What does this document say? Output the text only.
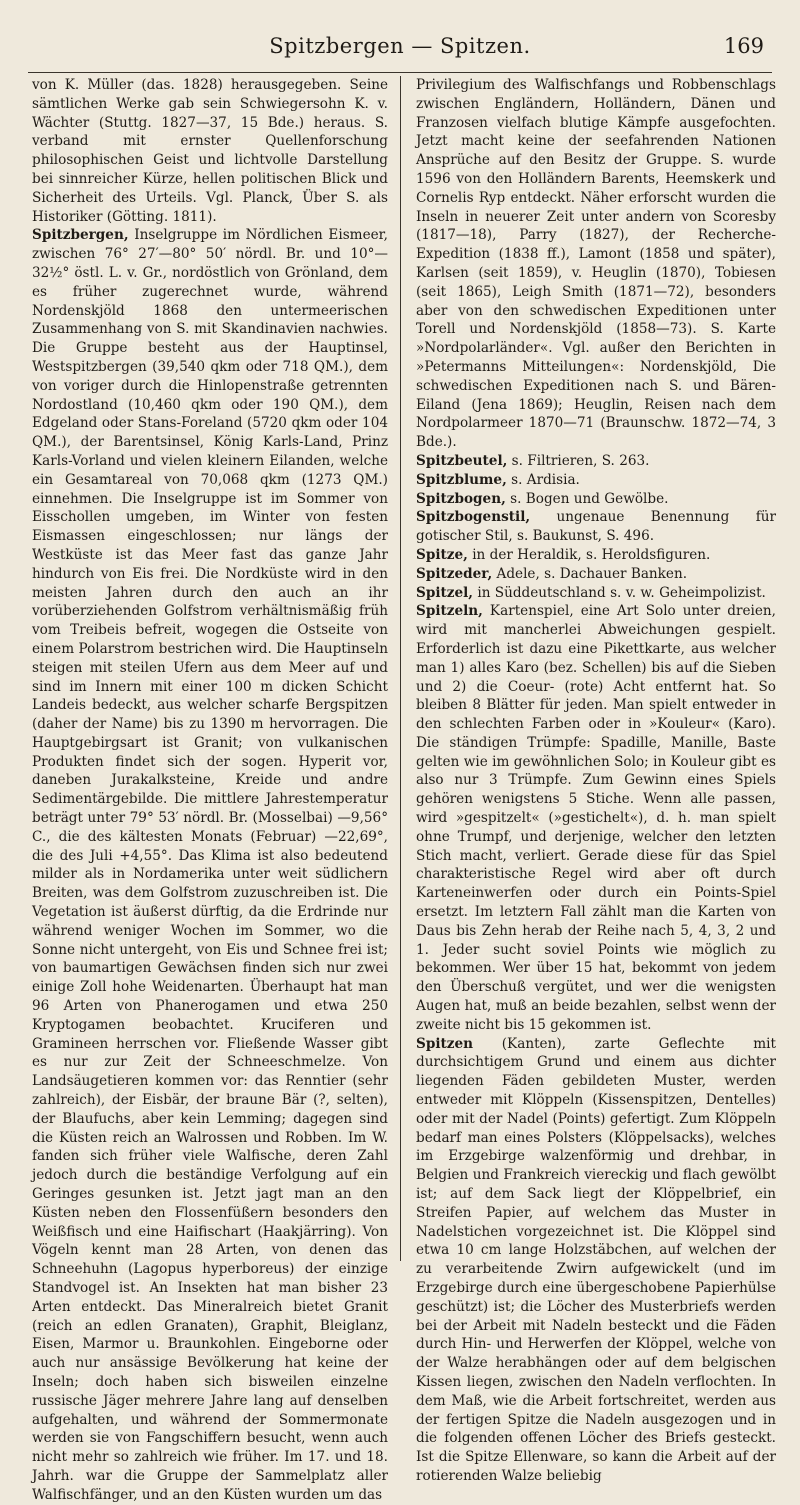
Spitzbergen — Spitzen.	169

von K. Müller (das. 1828) herausgegeben. Seine sämtlichen Werke gab sein Schwiegersohn K. v. Wächter (Stuttg. 1827—37, 15 Bde.) heraus. S. verband mit ernster Quellenforschung philosophischen Geist und lichtvolle Darstellung bei sinnreicher Kürze, hellen politischen Blick und Sicherheit des Urteils. Vgl. Planck, Über S. als Historiker (Götting. 1811).

Spitzbergen, Inselgruppe im Nördlichen Eismeer, zwischen 76° 27′—80° 50′ nördl. Br. und 10°—32½° östl. L. v. Gr., nordöstlich von Grönland, dem es früher zugerechnet wurde, während Nordenskjöld 1868 den untermeerischen Zusammenhang von S. mit Skandinavien nachwies. Die Gruppe besteht aus der Hauptinsel, Westspitzbergen (39,540 qkm oder 718 QM.), dem von voriger durch die Hinlopenstraße getrennten Nordostland (10,460 qkm oder 190 QM.), dem Edgeland oder Stans-Foreland (5720 qkm oder 104 QM.), der Barentsinsel, König Karls-Land, Prinz Karls-Vorland und vielen kleinern Eilanden, welche ein Gesamtareal von 70,068 qkm (1273 QM.) einnehmen. Die Inselgruppe ist im Sommer von Eisschollen umgeben, im Winter von festen Eismassen eingeschlossen; nur längs der Westküste ist das Meer fast das ganze Jahr hindurch von Eis frei. Die Nordküste wird in den meisten Jahren durch den auch an ihr vorüberziehenden Golfstrom verhältnismäßig früh vom Treibeis befreit, wogegen die Ostseite von einem Polarstrom bestrichen wird. Die Hauptinseln steigen mit steilen Ufern aus dem Meer auf und sind im Innern mit einer 100 m dicken Schicht Landeis bedeckt, aus welcher scharfe Bergspitzen (daher der Name) bis zu 1390 m hervorragen. Die Hauptgebirgsart ist Granit; von vulkanischen Produkten findet sich der sogen. Hyperit vor, daneben Jurakalksteine, Kreide und andre Sedimentärgebilde. Die mittlere Jahrestemperatur beträgt unter 79° 53′ nördl. Br. (Mosselbai) —9,56° C., die des kältesten Monats (Februar) —22,69°, die des Juli +4,55°. Das Klima ist also bedeutend milder als in Nordamerika unter weit südlichern Breiten, was dem Golfstrom zuzuschreiben ist. Die Vegetation ist äußerst dürftig, da die Erdrinde nur während weniger Wochen im Sommer, wo die Sonne nicht untergeht, von Eis und Schnee frei ist; von baumartigen Gewächsen finden sich nur zwei einige Zoll hohe Weidenarten. Überhaupt hat man 96 Arten von Phanerogamen und etwa 250 Kryptogamen beobachtet. Kruciferen und Gramineen herrschen vor. Fließende Wasser gibt es nur zur Zeit der Schneeschmelze. Von Landsäugetieren kommen vor: das Renntier (sehr zahlreich), der Eisbär, der braune Bär (?, selten), der Blaufuchs, aber kein Lemming; dagegen sind die Küsten reich an Walrossen und Robben. Im W. fanden sich früher viele Walfische, deren Zahl jedoch durch die beständige Verfolgung auf ein Geringes gesunken ist. Jetzt jagt man an den Küsten neben den Flossenfüßern besonders den Weißfisch und eine Haifischart (Haakjärring). Von Vögeln kennt man 28 Arten, von denen das Schneehuhn (Lagopus hyperboreus) der einzige Standvogel ist. An Insekten hat man bisher 23 Arten entdeckt. Das Mineralreich bietet Granit (reich an edlen Granaten), Graphit, Bleiglanz, Eisen, Marmor u. Braunkohlen. Eingeborne oder auch nur ansässige Bevölkerung hat keine der Inseln; doch haben sich bisweilen einzelne russische Jäger mehrere Jahre lang auf denselben aufgehalten, und während der Sommermonate werden sie von Fangschiffern besucht, wenn auch nicht mehr so zahlreich wie früher. Im 17. und 18. Jahrh. war die Gruppe der Sammelplatz aller Walfischfänger, und an den Küsten wurden um das

Privilegium des Walfischfangs und Robbenschlags zwischen Engländern, Holländern, Dänen und Franzosen vielfach blutige Kämpfe ausgefochten. Jetzt macht keine der seefahrenden Nationen Ansprüche auf den Besitz der Gruppe. S. wurde 1596 von den Holländern Barents, Heemskerk und Cornelis Ryp entdeckt. Näher erforscht wurden die Inseln in neuerer Zeit unter andern von Scoresby (1817—18), Parry (1827), der Recherche-Expedition (1838 ff.), Lamont (1858 und später), Karlsen (seit 1859), v. Heuglin (1870), Tobiesen (seit 1865), Leigh Smith (1871—72), besonders aber von den schwedischen Expeditionen unter Torell und Nordenskjöld (1858—73). S. Karte »Nordpolarländer«. Vgl. außer den Berichten in »Petermanns Mitteilungen«: Nordenskjöld, Die schwedischen Expeditionen nach S. und Bären-Eiland (Jena 1869); Heuglin, Reisen nach dem Nordpolarmeer 1870—71 (Braunschw. 1872—74, 3 Bde.).

Spitzbeutel, s. Filtrieren, S. 263.

Spitzblume, s. Ardisia.

Spitzbogen, s. Bogen und Gewölbe.

Spitzbogenstil, ungenaue Benennung für gotischer Stil, s. Baukunst, S. 496.

Spitze, in der Heraldik, s. Heroldsfiguren.

Spitzeder, Adele, s. Dachauer Banken.

Spitzel, in Süddeutschland s. v. w. Geheimpolizist.

Spitzeln, Kartenspiel, eine Art Solo unter dreien, wird mit mancherlei Abweichungen gespielt. Erforderlich ist dazu eine Pikettkarte, aus welcher man 1) alles Karo (bez. Schellen) bis auf die Sieben und 2) die Coeur- (rote) Acht entfernt hat. So bleiben 8 Blätter für jeden. Man spielt entweder in den schlechten Farben oder in »Kouleur« (Karo). Die ständigen Trümpfe: Spadille, Manille, Baste gelten wie im gewöhnlichen Solo; in Kouleur gibt es also nur 3 Trümpfe. Zum Gewinn eines Spiels gehören wenigstens 5 Stiche. Wenn alle passen, wird »gespitzelt« (»gestichelt«), d. h. man spielt ohne Trumpf, und derjenige, welcher den letzten Stich macht, verliert. Gerade diese für das Spiel charakteristische Regel wird aber oft durch Karteneinwerfen oder durch ein Points-Spiel ersetzt. Im letztern Fall zählt man die Karten von Daus bis Zehn herab der Reihe nach 5, 4, 3, 2 und 1. Jeder sucht soviel Points wie möglich zu bekommen. Wer über 15 hat, bekommt von jedem den Überschuß vergütet, und wer die wenigsten Augen hat, muß an beide bezahlen, selbst wenn der zweite nicht bis 15 gekommen ist.

Spitzen (Kanten), zarte Geflechte mit durchsichtigem Grund und einem aus dichter liegenden Fäden gebildeten Muster, werden entweder mit Klöppeln (Kissenspitzen, Dentelles) oder mit der Nadel (Points) gefertigt. Zum Klöppeln bedarf man eines Polsters (Klöppelsacks), welches im Erzgebirge walzenförmig und drehbar, in Belgien und Frankreich viereckig und flach gewölbt ist; auf dem Sack liegt der Klöppelbrief, ein Streifen Papier, auf welchem das Muster in Nadelstichen vorgezeichnet ist. Die Klöppel sind etwa 10 cm lange Holzstäbchen, auf welchen der zu verarbeitende Zwirn aufgewickelt (und im Erzgebirge durch eine übergeschobene Papierhülse geschützt) ist; die Löcher des Musterbriefs werden bei der Arbeit mit Nadeln besteckt und die Fäden durch Hin- und Herwerfen der Klöppel, welche von der Walze herabhängen oder auf dem belgischen Kissen liegen, zwischen den Nadeln verflochten. In dem Maß, wie die Arbeit fortschreitet, werden aus der fertigen Spitze die Nadeln ausgezogen und in die folgenden offenen Löcher des Briefs gesteckt. Ist die Spitze Ellenware, so kann die Arbeit auf der rotierenden Walze beliebig
